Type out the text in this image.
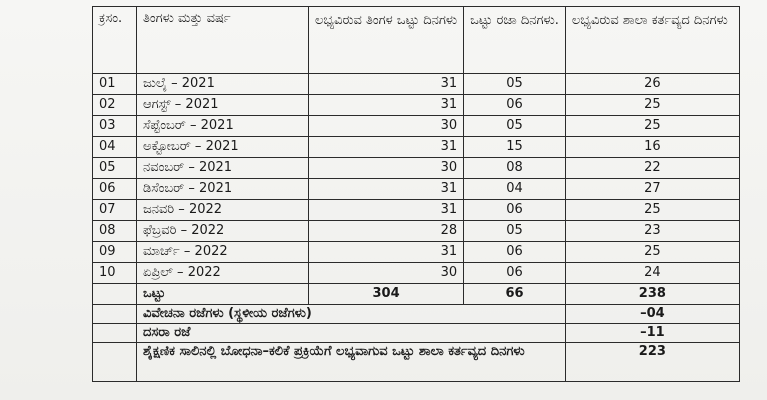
ಕ್ರಸಂ.	ತಿಂಗಳು ಮತ್ತು ವರ್ಷ	ಲಭ್ಯವಿರುವ ತಿಂಗಳ ಒಟ್ಟು ದಿನಗಳು	ಒಟ್ಟು ರಜಾ ದಿನಗಳು.	ಲಭ್ಯವಿರುವ ಶಾಲಾ ಕರ್ತವ್ಯದ ದಿನಗಳು
01	ಜುಲೈ – 2021	31	05	26
02	ಆಗಸ್ಟ್ – 2021	31	06	25
03	ಸೆಪ್ಟೆಂಬರ್ – 2021	30	05	25
04	ಅಕ್ಟೋಬರ್ – 2021	31	15	16
05	ನವಂಬರ್ – 2021	30	08	22
06	ಡಿಸೆಂಬರ್ – 2021	31	04	27
07	ಜನವರಿ – 2022	31	06	25
08	ಫೆಬ್ರವರಿ – 2022	28	05	23
09	ಮಾರ್ಚ್ – 2022	31	06	25
10	ಏಪ್ರಿಲ್ – 2022	30	06	24
	ಒಟ್ಟು	304	66	238
	ವಿವೇಚನಾ ರಜೆಗಳು (ಸ್ಥಳೀಯ ರಜೆಗಳು)			–04
	ದಸರಾ ರಜೆ			–11
	ಶೈಕ್ಷಣಿಕ ಸಾಲಿನಲ್ಲಿ ಬೋಧನಾ–ಕಲಿಕೆ ಪ್ರಕ್ರಿಯೆಗೆ ಲಭ್ಯವಾಗುವ ಒಟ್ಟು ಶಾಲಾ ಕರ್ತವ್ಯದ ದಿನಗಳು			223
